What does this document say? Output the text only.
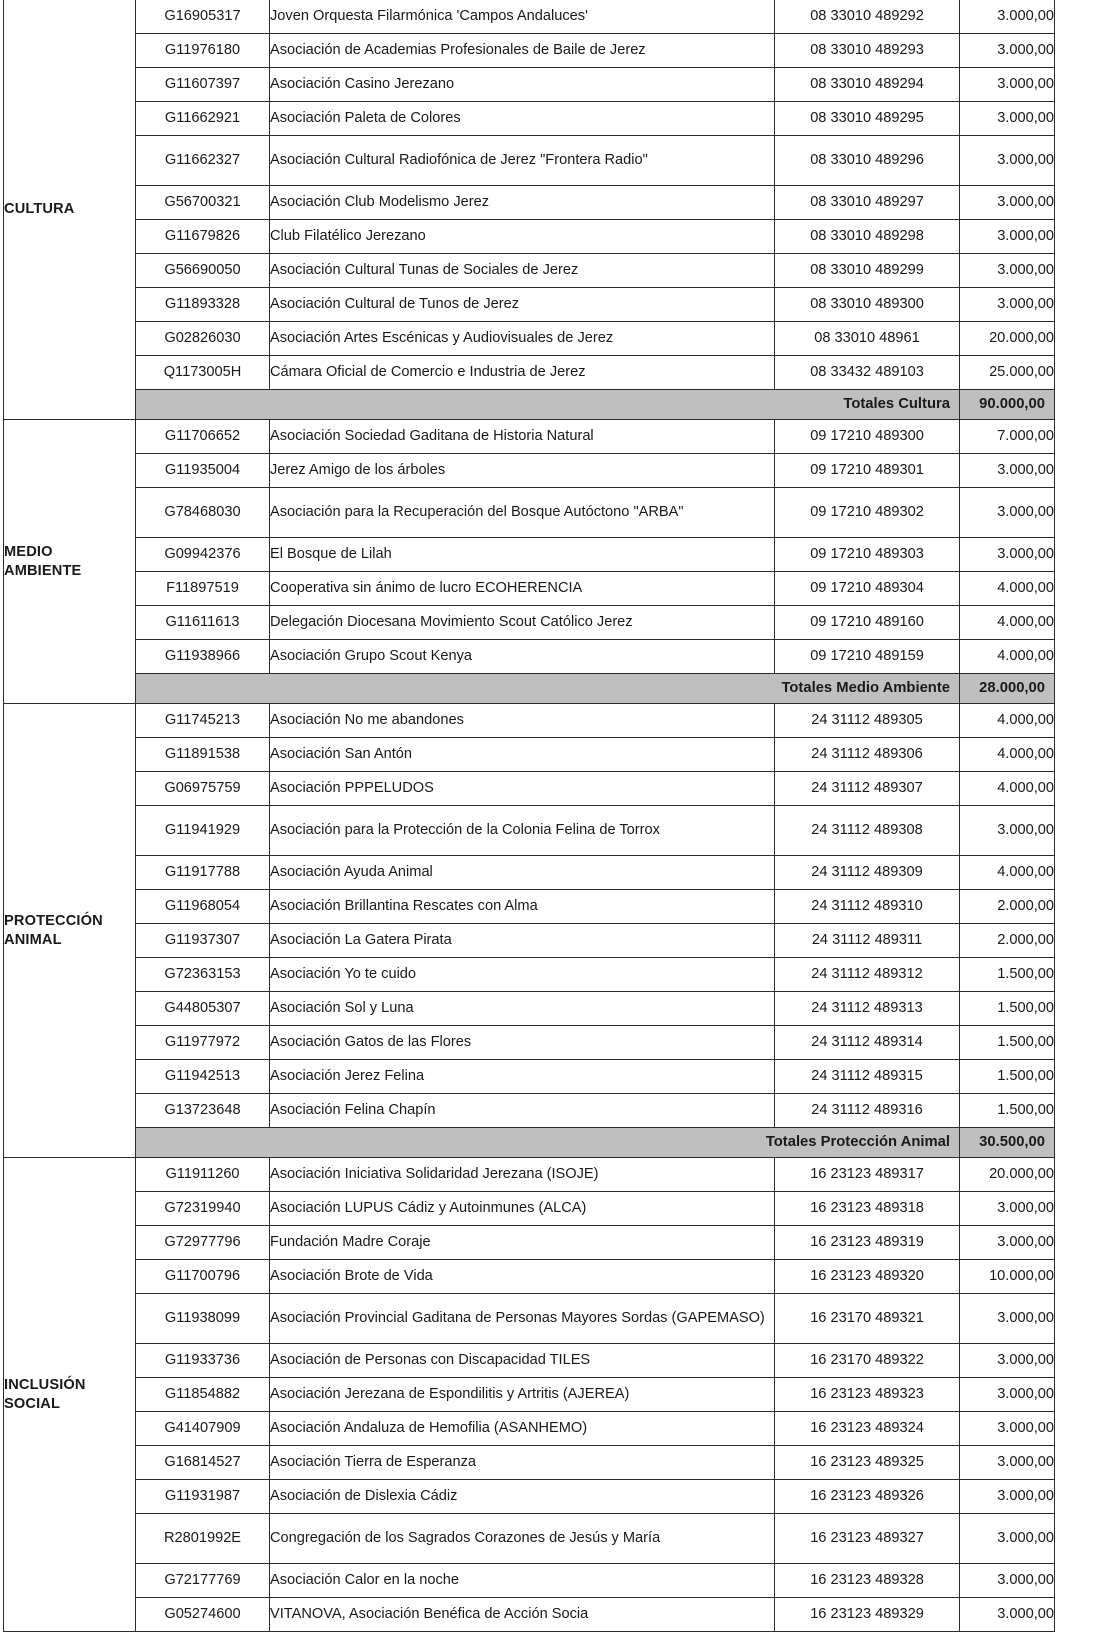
CULTURA	G16905317	Joven Orquesta Filarmónica 'Campos Andaluces'	08 33010 489292	3.000,00
	G11976180	Asociación de Academias Profesionales de Baile de Jerez	08 33010 489293	3.000,00
	G11607397	Asociación Casino Jerezano	08 33010 489294	3.000,00
	G11662921	Asociación Paleta de Colores	08 33010 489295	3.000,00
	G11662327	Asociación Cultural Radiofónica de Jerez "Frontera Radio"	08 33010 489296	3.000,00
	G56700321	Asociación Club Modelismo Jerez	08 33010 489297	3.000,00
	G11679826	Club Filatélico Jerezano	08 33010 489298	3.000,00
	G56690050	Asociación Cultural Tunas de Sociales de Jerez	08 33010 489299	3.000,00
	G11893328	Asociación Cultural de Tunos de Jerez	08 33010 489300	3.000,00
	G02826030	Asociación Artes Escénicas y Audiovisuales de Jerez	08 33010 48961	20.000,00
	Q1173005H	Cámara Oficial de Comercio e Industria de Jerez	08 33432 489103	25.000,00
	Totales Cultura			90.000,00

MEDIO
AMBIENTE	G11706652	Asociación Sociedad Gaditana de Historia Natural	09 17210 489300	7.000,00
	G11935004	Jerez Amigo de los árboles	09 17210 489301	3.000,00
	G78468030	Asociación para la Recuperación del Bosque Autóctono "ARBA"	09 17210 489302	3.000,00
	G09942376	El Bosque de Lilah	09 17210 489303	3.000,00
	F11897519	Cooperativa sin ánimo de lucro ECOHERENCIA	09 17210 489304	4.000,00
	G11611613	Delegación Diocesana Movimiento Scout Católico Jerez	09 17210 489160	4.000,00
	G11938966	Asociación Grupo Scout Kenya	09 17210 489159	4.000,00
	Totales Medio Ambiente			28.000,00

PROTECCIÓN
ANIMAL	G11745213	Asociación No me abandones	24 31112 489305	4.000,00
	G11891538	Asociación San Antón	24 31112 489306	4.000,00
	G06975759	Asociación PPPELUDOS	24 31112 489307	4.000,00
	G11941929	Asociación para la Protección de la Colonia Felina de Torrox	24 31112 489308	3.000,00
	G11917788	Asociación Ayuda Animal	24 31112 489309	4.000,00
	G11968054	Asociación Brillantina Rescates con Alma	24 31112 489310	2.000,00
	G11937307	Asociación La Gatera Pirata	24 31112 489311	2.000,00
	G72363153	Asociación Yo te cuido	24 31112 489312	1.500,00
	G44805307	Asociación Sol y Luna	24 31112 489313	1.500,00
	G11977972	Asociación Gatos de las Flores	24 31112 489314	1.500,00
	G11942513	Asociación Jerez Felina	24 31112 489315	1.500,00
	G13723648	Asociación Felina Chapín	24 31112 489316	1.500,00
	Totales Protección Animal			30.500,00

INCLUSIÓN
SOCIAL	G11911260	Asociación Iniciativa Solidaridad Jerezana (ISOJE)	16 23123 489317	20.000,00
	G72319940	Asociación LUPUS Cádiz y Autoinmunes (ALCA)	16 23123 489318	3.000,00
	G72977796	Fundación Madre Coraje	16 23123 489319	3.000,00
	G11700796	Asociación Brote de Vida	16 23123 489320	10.000,00
	G11938099	Asociación Provincial Gaditana de Personas Mayores Sordas (GAPEMASO)	16 23170 489321	3.000,00
	G11933736	Asociación de Personas con Discapacidad TILES	16 23170 489322	3.000,00
	G11854882	Asociación Jerezana de Espondilitis y Artritis (AJEREA)	16 23123 489323	3.000,00
	G41407909	Asociación Andaluza de Hemofilia (ASANHEMO)	16 23123 489324	3.000,00
	G16814527	Asociación Tierra de Esperanza	16 23123 489325	3.000,00
	G11931987	Asociación de Dislexia Cádiz	16 23123 489326	3.000,00
	R2801992E	Congregación de los Sagrados Corazones de Jesús y María	16 23123 489327	3.000,00
	G72177769	Asociación Calor en la noche	16 23123 489328	3.000,00
	G05274600	VITANOVA, Asociación Benéfica de Acción Socia	16 23123 489329	3.000,00
